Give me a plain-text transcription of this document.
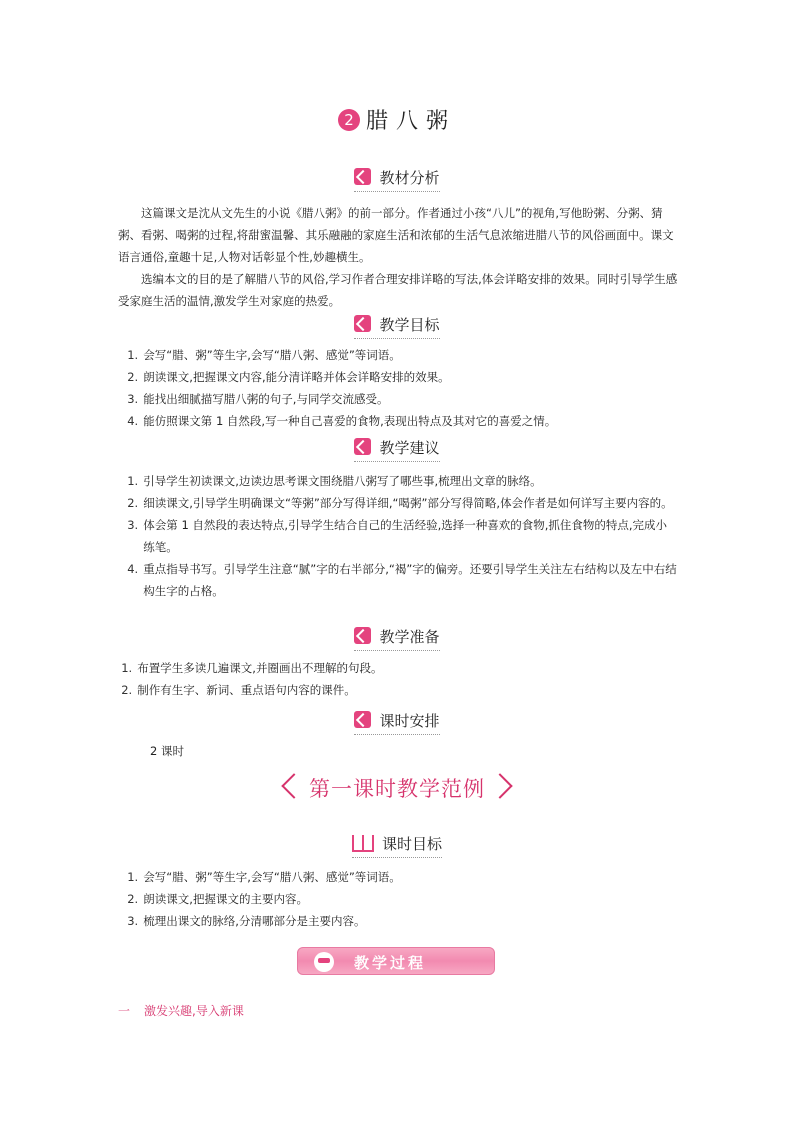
2 腊八粥
教材分析

这篇课文是沈从文先生的小说《腊八粥》的前一部分。作者通过小孩“八儿”的视角,写他盼粥、分粥、猜粥、看粥、喝粥的过程,将甜蜜温馨、其乐融融的家庭生活和浓郁的生活气息浓缩进腊八节的风俗画面中。课文语言通俗,童趣十足,人物对话彰显个性,妙趣横生。

选编本文的目的是了解腊八节的风俗,学习作者合理安排详略的写法,体会详略安排的效果。同时引导学生感受家庭生活的温情,激发学生对家庭的热爱。

教学目标
1. 会写“腊、粥”等生字,会写“腊八粥、感觉”等词语。
2. 朗读课文,把握课文内容,能分清详略并体会详略安排的效果。
3. 能找出细腻描写腊八粥的句子,与同学交流感受。
4. 能仿照课文第 1 自然段,写一种自己喜爱的食物,表现出特点及其对它的喜爱之情。
教学建议
1. 引导学生初读课文,边读边思考课文围绕腊八粥写了哪些事,梳理出文章的脉络。
2. 细读课文,引导学生明确课文“等粥”部分写得详细,“喝粥”部分写得简略,体会作者是如何详写主要内容的。
3. 体会第 1 自然段的表达特点,引导学生结合自己的生活经验,选择一种喜欢的食物,抓住食物的特点,完成小练笔。
4. 重点指导书写。引导学生注意“腻”字的右半部分,“褐”字的偏旁。还要引导学生关注左右结构以及左中右结构生字的占格。
教学准备
1. 布置学生多读几遍课文,并圈画出不理解的句段。
2. 制作有生字、新词、重点语句内容的课件。
课时安排
2 课时
第一课时教学范例
课时目标
1. 会写“腊、粥”等生字,会写“腊八粥、感觉”等词语。
2. 朗读课文,把握课文的主要内容。
3. 梳理出课文的脉络,分清哪部分是主要内容。
教学过程
一 激发兴趣,导入新课
